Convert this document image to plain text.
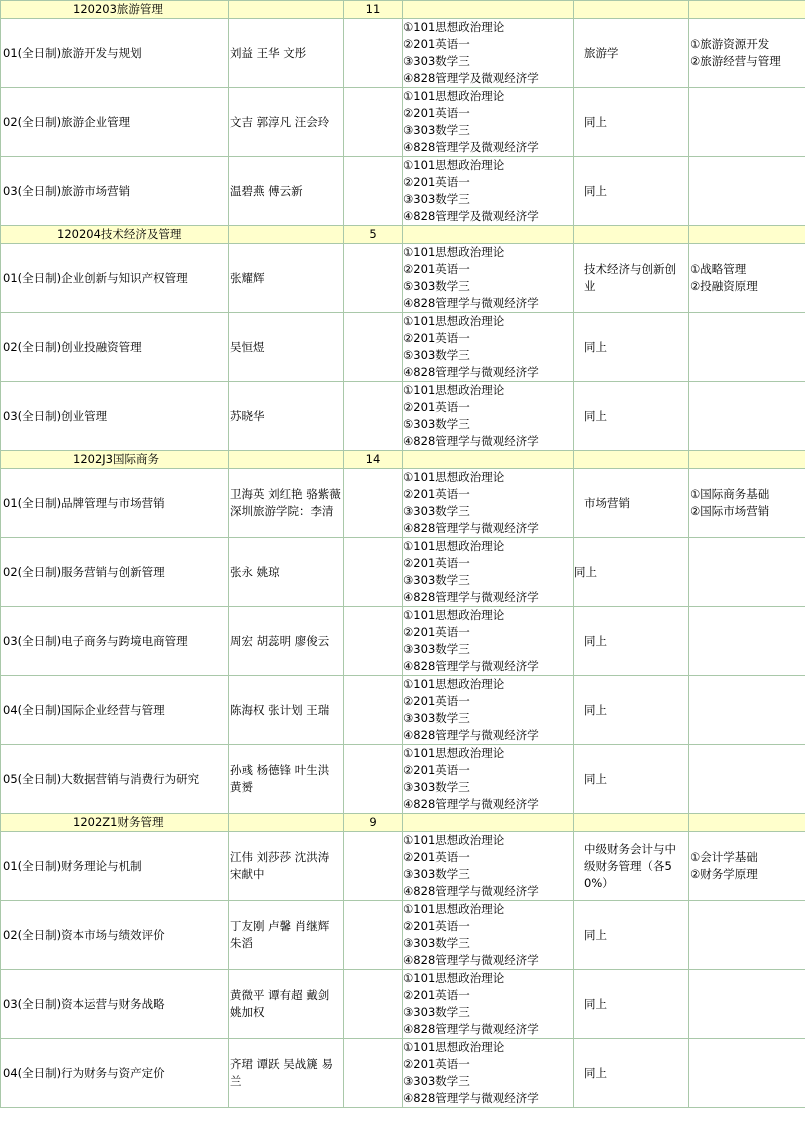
120203旅游管理		11			
01(全日制)旅游开发与规划	刘益 王华 文彤		①101思想政治理论
②201英语一
③303数学三
④828管理学及微观经济学	旅游学	①旅游资源开发
②旅游经营与管理

02(全日制)旅游企业管理	文吉 郭淳凡 汪会玲		①101思想政治理论
②201英语一
③303数学三
④828管理学及微观经济学	同上	
03(全日制)旅游市场营销	温碧燕 傅云新		①101思想政治理论
②201英语一
③303数学三
④828管理学及微观经济学	同上	
120204技术经济及管理		5			
01(全日制)企业创新与知识产权管理	张耀辉		①101思想政治理论
②201英语一
⑤303数学三
④828管理学与微观经济学	技术经济与创新创业	①战略管理
②投融资原理

02(全日制)创业投融资管理	吴恒煜		①101思想政治理论
②201英语一
⑤303数学三
④828管理学与微观经济学	同上	
03(全日制)创业管理	苏晓华		①101思想政治理论
②201英语一
⑤303数学三
④828管理学与微观经济学	同上	
1202J3国际商务		14			
01(全日制)品牌管理与市场营销	卫海英 刘红艳 骆紫薇 深圳旅游学院：李清		①101思想政治理论
②201英语一
③303数学三
④828管理学与微观经济学	市场营销	①国际商务基础
②国际市场营销

02(全日制)服务营销与创新管理	张永 姚琼		①101思想政治理论
②201英语一
③303数学三
④828管理学与微观经济学	同上	
03(全日制)电子商务与跨境电商管理	周宏 胡蕊明 廖俊云		①101思想政治理论
②201英语一
③303数学三
④828管理学与微观经济学	同上	
04(全日制)国际企业经营与管理	陈海权 张计划 王瑞		①101思想政治理论
②201英语一
③303数学三
④828管理学与微观经济学	同上	
05(全日制)大数据营销与消费行为研究	孙彧 杨德锋 叶生洪 黄赟		①101思想政治理论
②201英语一
③303数学三
④828管理学与微观经济学	同上	
1202Z1财务管理		9			
01(全日制)财务理论与机制	江伟 刘莎莎 沈洪涛 宋献中		①101思想政治理论
②201英语一
③303数学三
④828管理学与微观经济学	中级财务会计与中级财务管理（各50%）	①会计学基础
②财务学原理

02(全日制)资本市场与绩效评价	丁友刚 卢馨 肖继辉 朱滔		①101思想政治理论
②201英语一
③303数学三
④828管理学与微观经济学	同上	
03(全日制)资本运营与财务战略	黄微平 谭有超 戴剑 姚加权		①101思想政治理论
②201英语一
③303数学三
④828管理学与微观经济学	同上	
04(全日制)行为财务与资产定价	齐珺 谭跃 吴战篪 易兰		①101思想政治理论
②201英语一
③303数学三
④828管理学与微观经济学	同上	
